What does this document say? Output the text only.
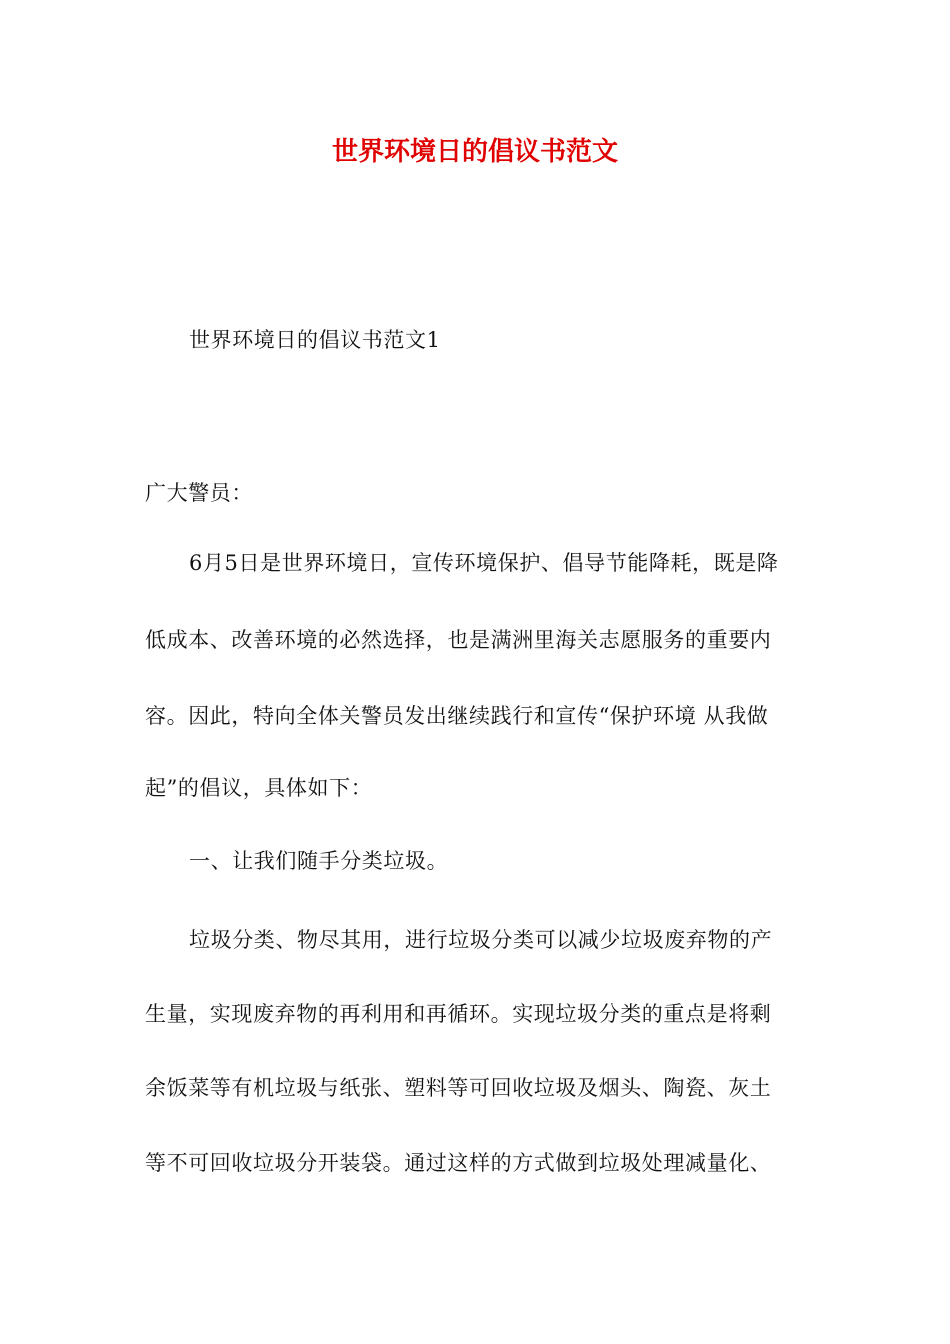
世界环境日的倡议书范文
世界环境日的倡议书范文1
广大警员：
6月5日是世界环境日，宣传环境保护、倡导节能降耗，既是降
低成本、改善环境的必然选择，也是满洲里海关志愿服务的重要内
容。因此，特向全体关警员发出继续践行和宣传“保护环境 从我做
起”的倡议，具体如下：
一、让我们随手分类垃圾。
垃圾分类、物尽其用，进行垃圾分类可以减少垃圾废弃物的产
生量，实现废弃物的再利用和再循环。实现垃圾分类的重点是将剩
余饭菜等有机垃圾与纸张、塑料等可回收垃圾及烟头、陶瓷、灰土
等不可回收垃圾分开装袋。通过这样的方式做到垃圾处理减量化、
